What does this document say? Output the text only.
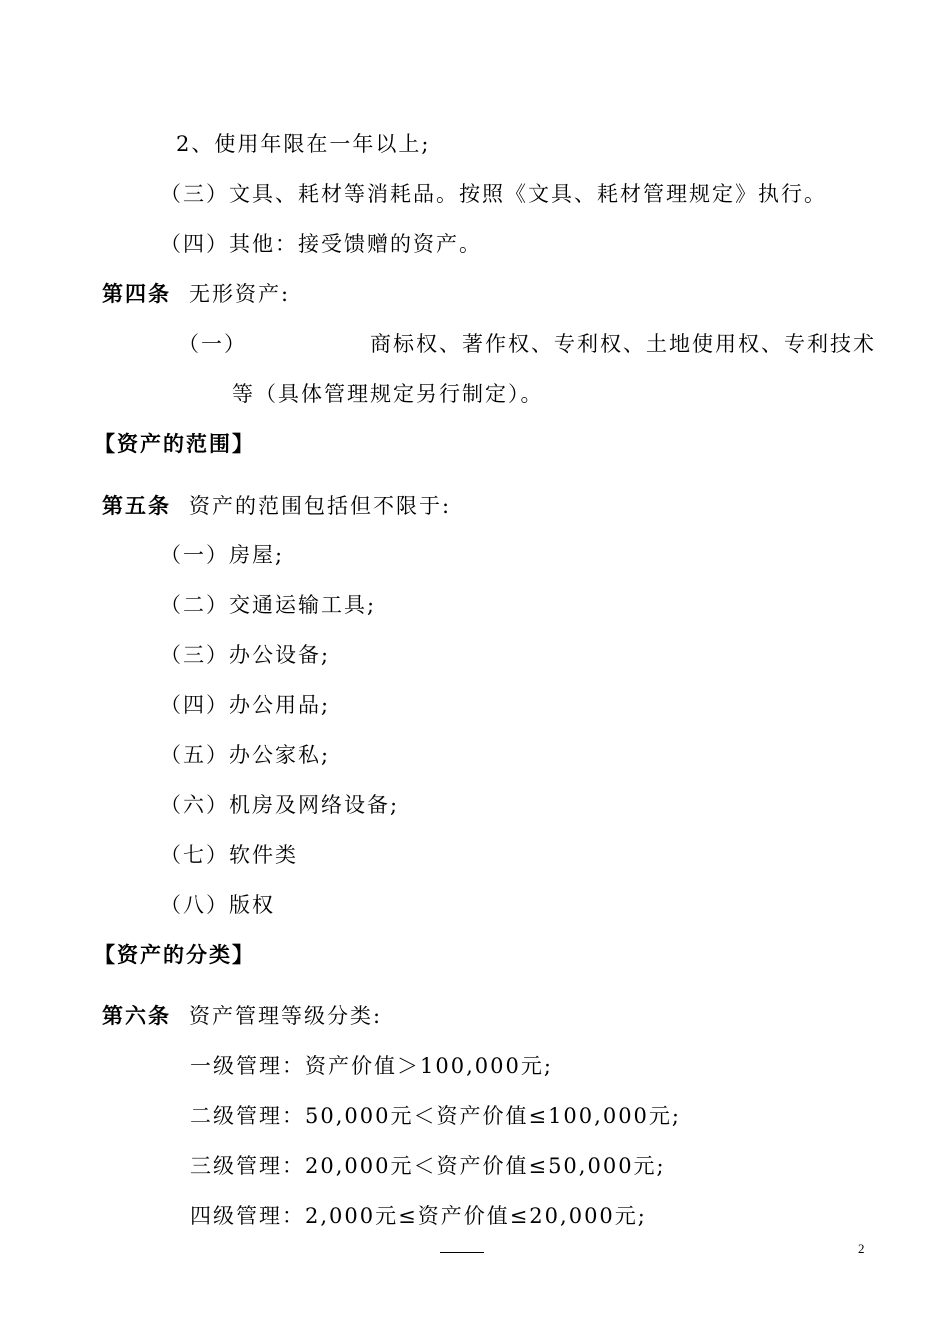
2、使用年限在一年以上;
（三）文具、耗材等消耗品。按照《文具、耗材管理规定》执行。
（四）其他：接受馈赠的资产。
第四条 无形资产:
（一）	商标权、著作权、专利权、土地使用权、专利技术
等（具体管理规定另行制定）。
【资产的范围】
第五条 资产的范围包括但不限于:
（一）房屋;
（二）交通运输工具;
（三）办公设备;
（四）办公用品;
（五）办公家私;
（六）机房及网络设备;
（七）软件类
（八）版权
【资产的分类】
第六条 资产管理等级分类:
一级管理：资产价值＞100,000元;
二级管理：50,000元＜资产价值≤100,000元;
三级管理：20,000元＜资产价值≤50,000元;
四级管理：2,000元≤资产价值≤20,000元;
2
